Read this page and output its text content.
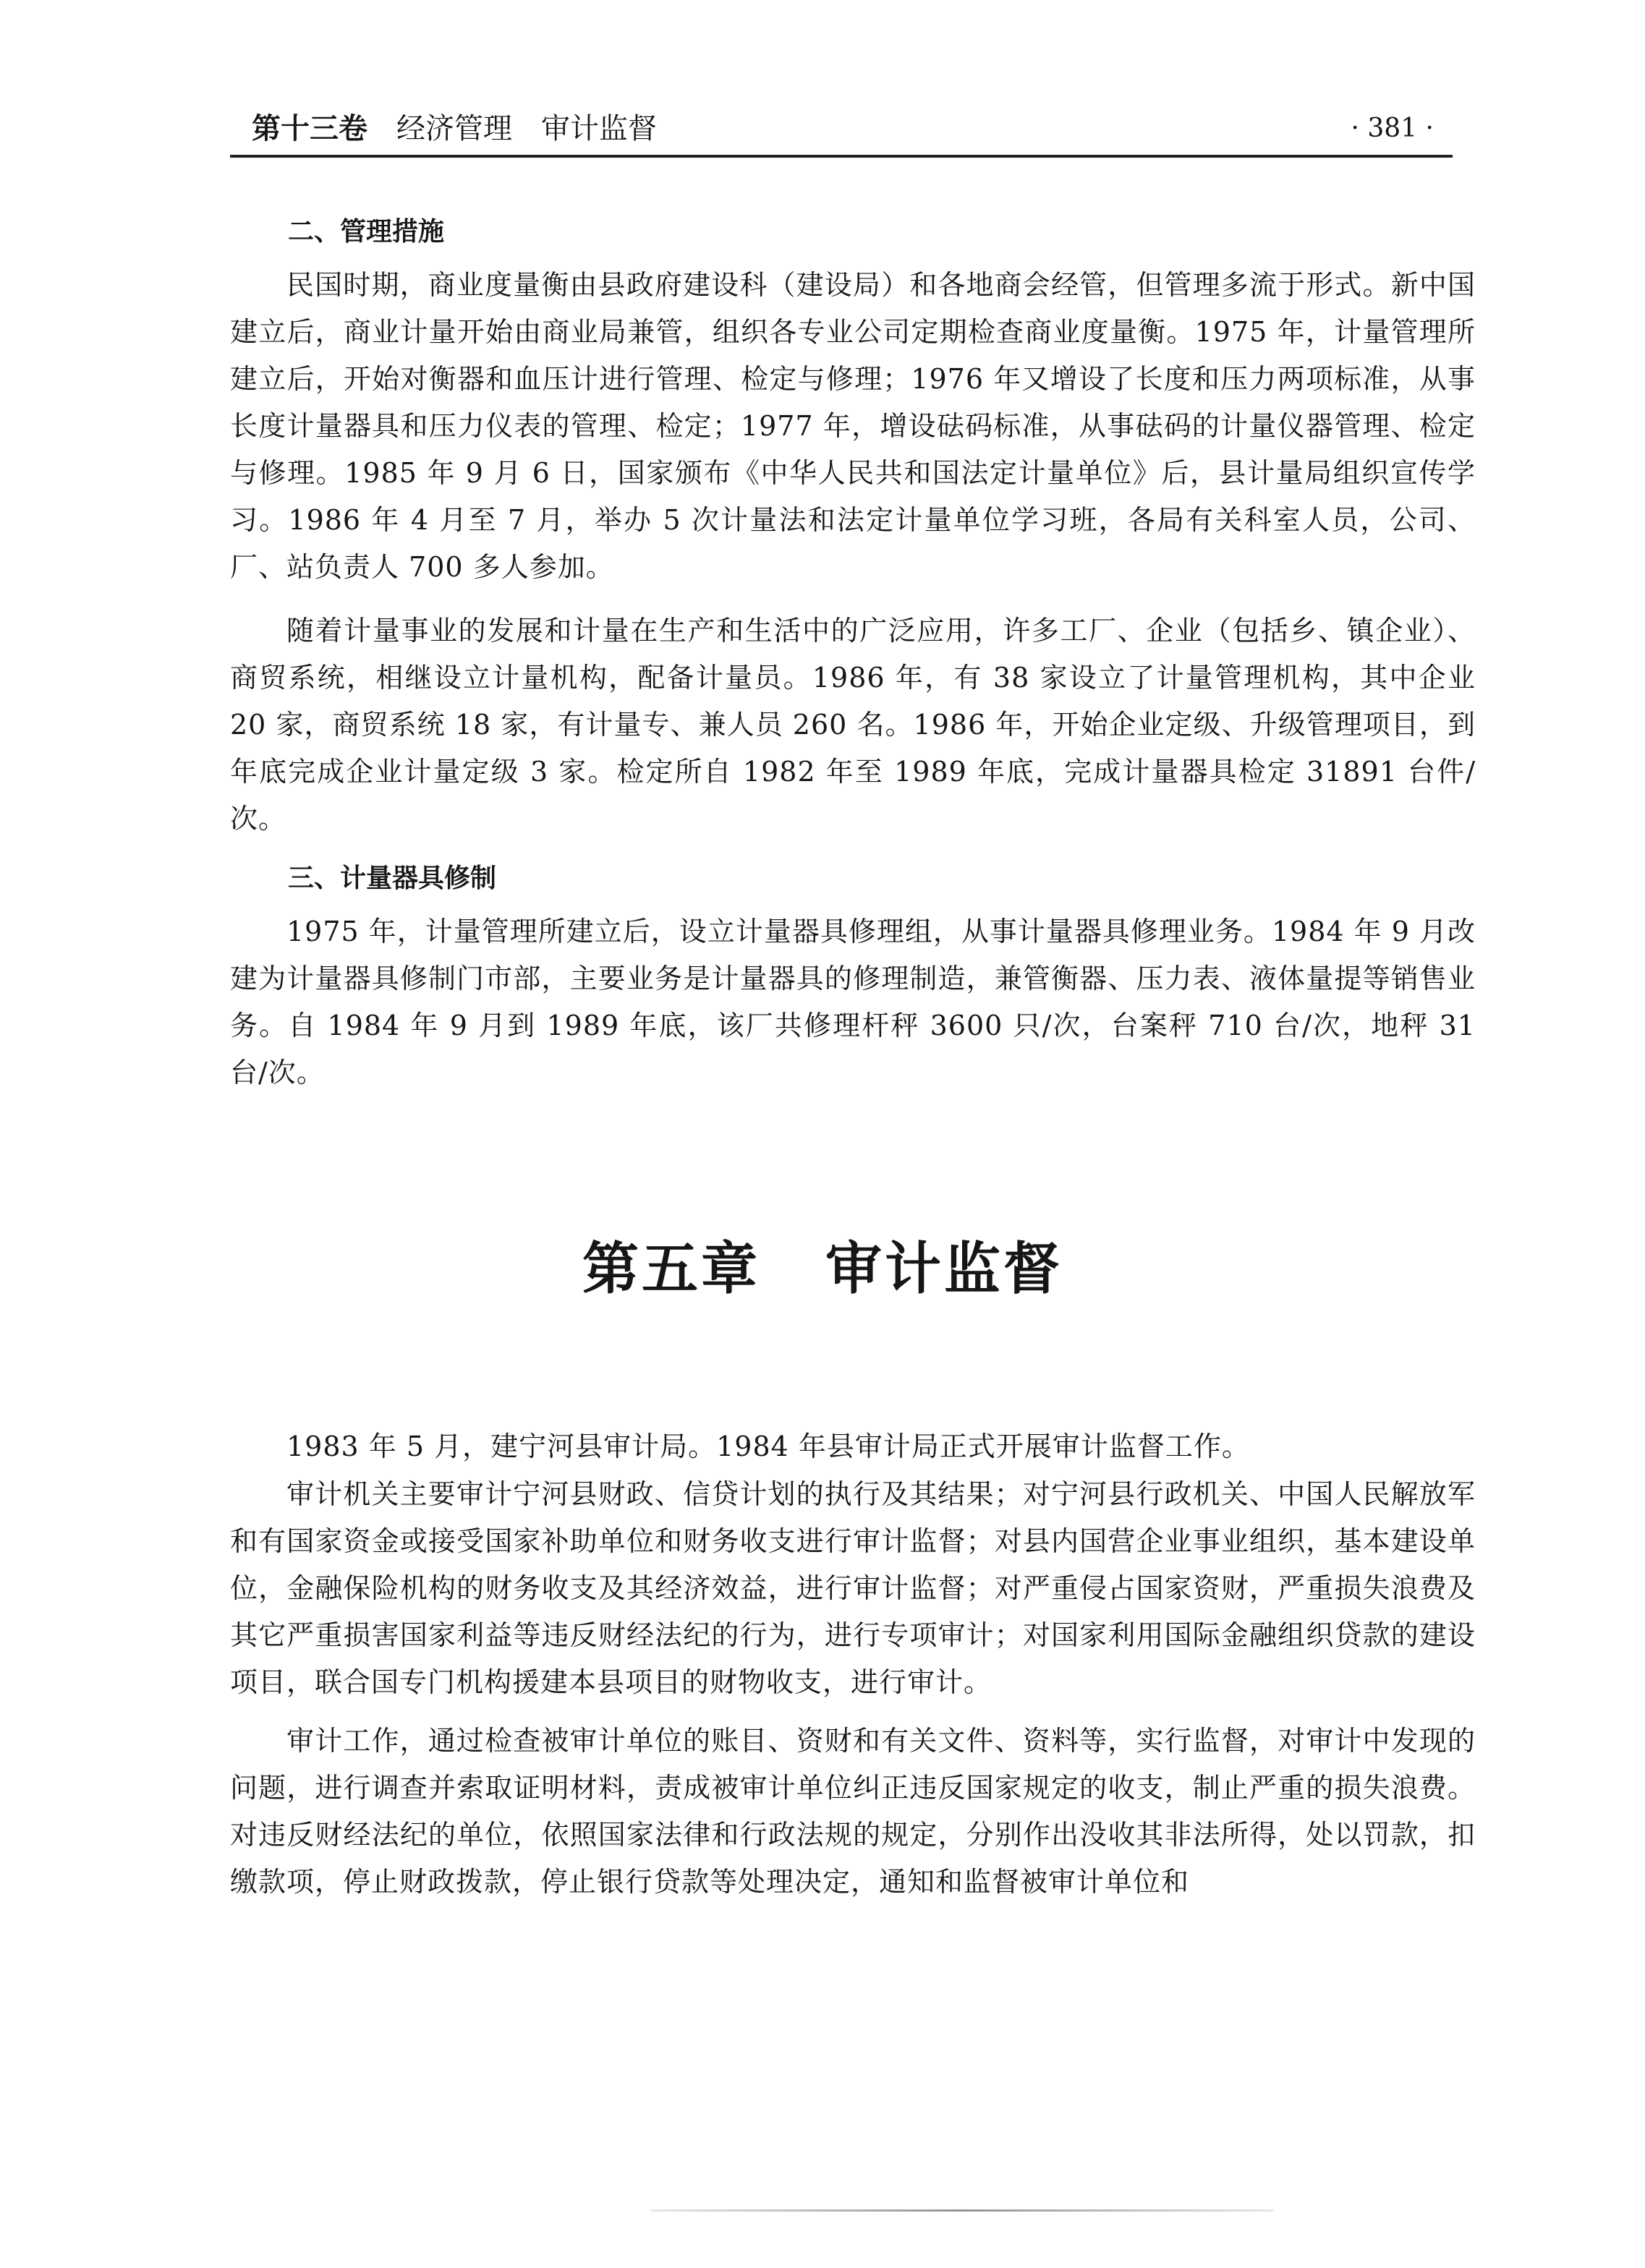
第十三卷 经济管理 审计监督	· 381 ·
二、管理措施

民国时期，商业度量衡由县政府建设科（建设局）和各地商会经管，但管理多流于形式。新中国建立后，商业计量开始由商业局兼管，组织各专业公司定期检查商业度量衡。1975 年，计量管理所建立后，开始对衡器和血压计进行管理、检定与修理；1976 年又增设了长度和压力两项标准，从事长度计量器具和压力仪表的管理、检定；1977 年，增设砝码标准，从事砝码的计量仪器管理、检定与修理。1985 年 9 月 6 日，国家颁布《中华人民共和国法定计量单位》后，县计量局组织宣传学习。1986 年 4 月至 7 月，举办 5 次计量法和法定计量单位学习班，各局有关科室人员，公司、厂、站负责人 700 多人参加。

随着计量事业的发展和计量在生产和生活中的广泛应用，许多工厂、企业（包括乡、镇企业）、商贸系统，相继设立计量机构，配备计量员。1986 年，有 38 家设立了计量管理机构，其中企业 20 家，商贸系统 18 家，有计量专、兼人员 260 名。1986 年，开始企业定级、升级管理项目，到年底完成企业计量定级 3 家。检定所自 1982 年至 1989 年底，完成计量器具检定 31891 台件/次。

三、计量器具修制

1975 年，计量管理所建立后，设立计量器具修理组，从事计量器具修理业务。1984 年 9 月改建为计量器具修制门市部，主要业务是计量器具的修理制造，兼管衡器、压力表、液体量提等销售业务。自 1984 年 9 月到 1989 年底，该厂共修理杆秤 3600 只/次，台案秤 710 台/次，地秤 31 台/次。

第五章 审计监督

1983 年 5 月，建宁河县审计局。1984 年县审计局正式开展审计监督工作。

审计机关主要审计宁河县财政、信贷计划的执行及其结果；对宁河县行政机关、中国人民解放军和有国家资金或接受国家补助单位和财务收支进行审计监督；对县内国营企业事业组织，基本建设单位，金融保险机构的财务收支及其经济效益，进行审计监督；对严重侵占国家资财，严重损失浪费及其它严重损害国家利益等违反财经法纪的行为，进行专项审计；对国家利用国际金融组织贷款的建设项目，联合国专门机构援建本县项目的财物收支，进行审计。

审计工作，通过检查被审计单位的账目、资财和有关文件、资料等，实行监督，对审计中发现的问题，进行调查并索取证明材料，责成被审计单位纠正违反国家规定的收支，制止严重的损失浪费。对违反财经法纪的单位，依照国家法律和行政法规的规定，分别作出没收其非法所得，处以罚款，扣缴款项，停止财政拨款，停止银行贷款等处理决定，通知和监督被审计单位和
